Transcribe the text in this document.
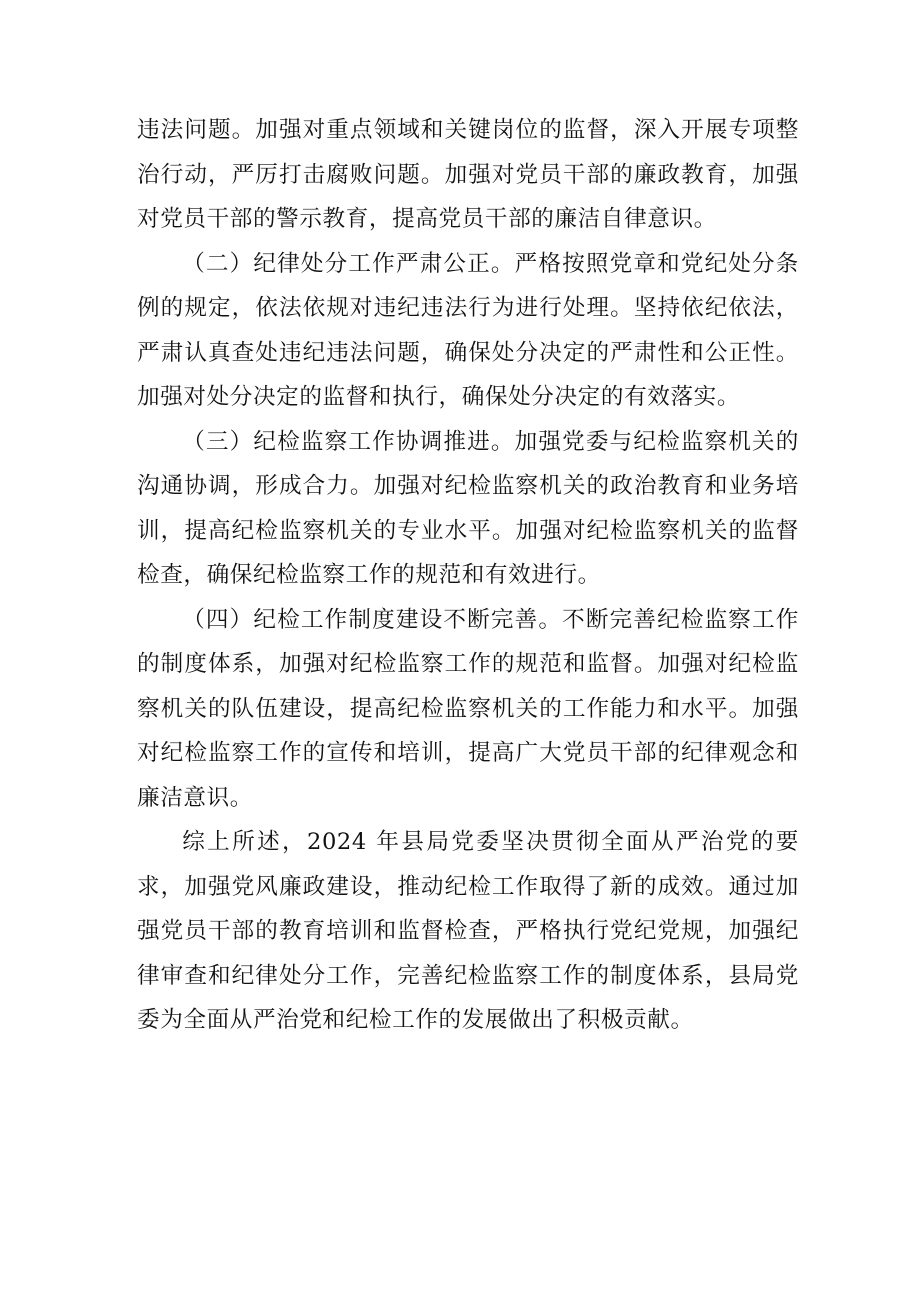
违法问题。加强对重点领域和关键岗位的监督，深入开展专项整治行动，严厉打击腐败问题。加强对党员干部的廉政教育，加强对党员干部的警示教育，提高党员干部的廉洁自律意识。

（二）纪律处分工作严肃公正。严格按照党章和党纪处分条例的规定，依法依规对违纪违法行为进行处理。坚持依纪依法，严肃认真查处违纪违法问题，确保处分决定的严肃性和公正性。加强对处分决定的监督和执行，确保处分决定的有效落实。

（三）纪检监察工作协调推进。加强党委与纪检监察机关的沟通协调，形成合力。加强对纪检监察机关的政治教育和业务培训，提高纪检监察机关的专业水平。加强对纪检监察机关的监督检查，确保纪检监察工作的规范和有效进行。

（四）纪检工作制度建设不断完善。不断完善纪检监察工作的制度体系，加强对纪检监察工作的规范和监督。加强对纪检监察机关的队伍建设，提高纪检监察机关的工作能力和水平。加强对纪检监察工作的宣传和培训，提高广大党员干部的纪律观念和廉洁意识。

综上所述，2024 年县局党委坚决贯彻全面从严治党的要求，加强党风廉政建设，推动纪检工作取得了新的成效。通过加强党员干部的教育培训和监督检查，严格执行党纪党规，加强纪律审查和纪律处分工作，完善纪检监察工作的制度体系，县局党委为全面从严治党和纪检工作的发展做出了积极贡献。
